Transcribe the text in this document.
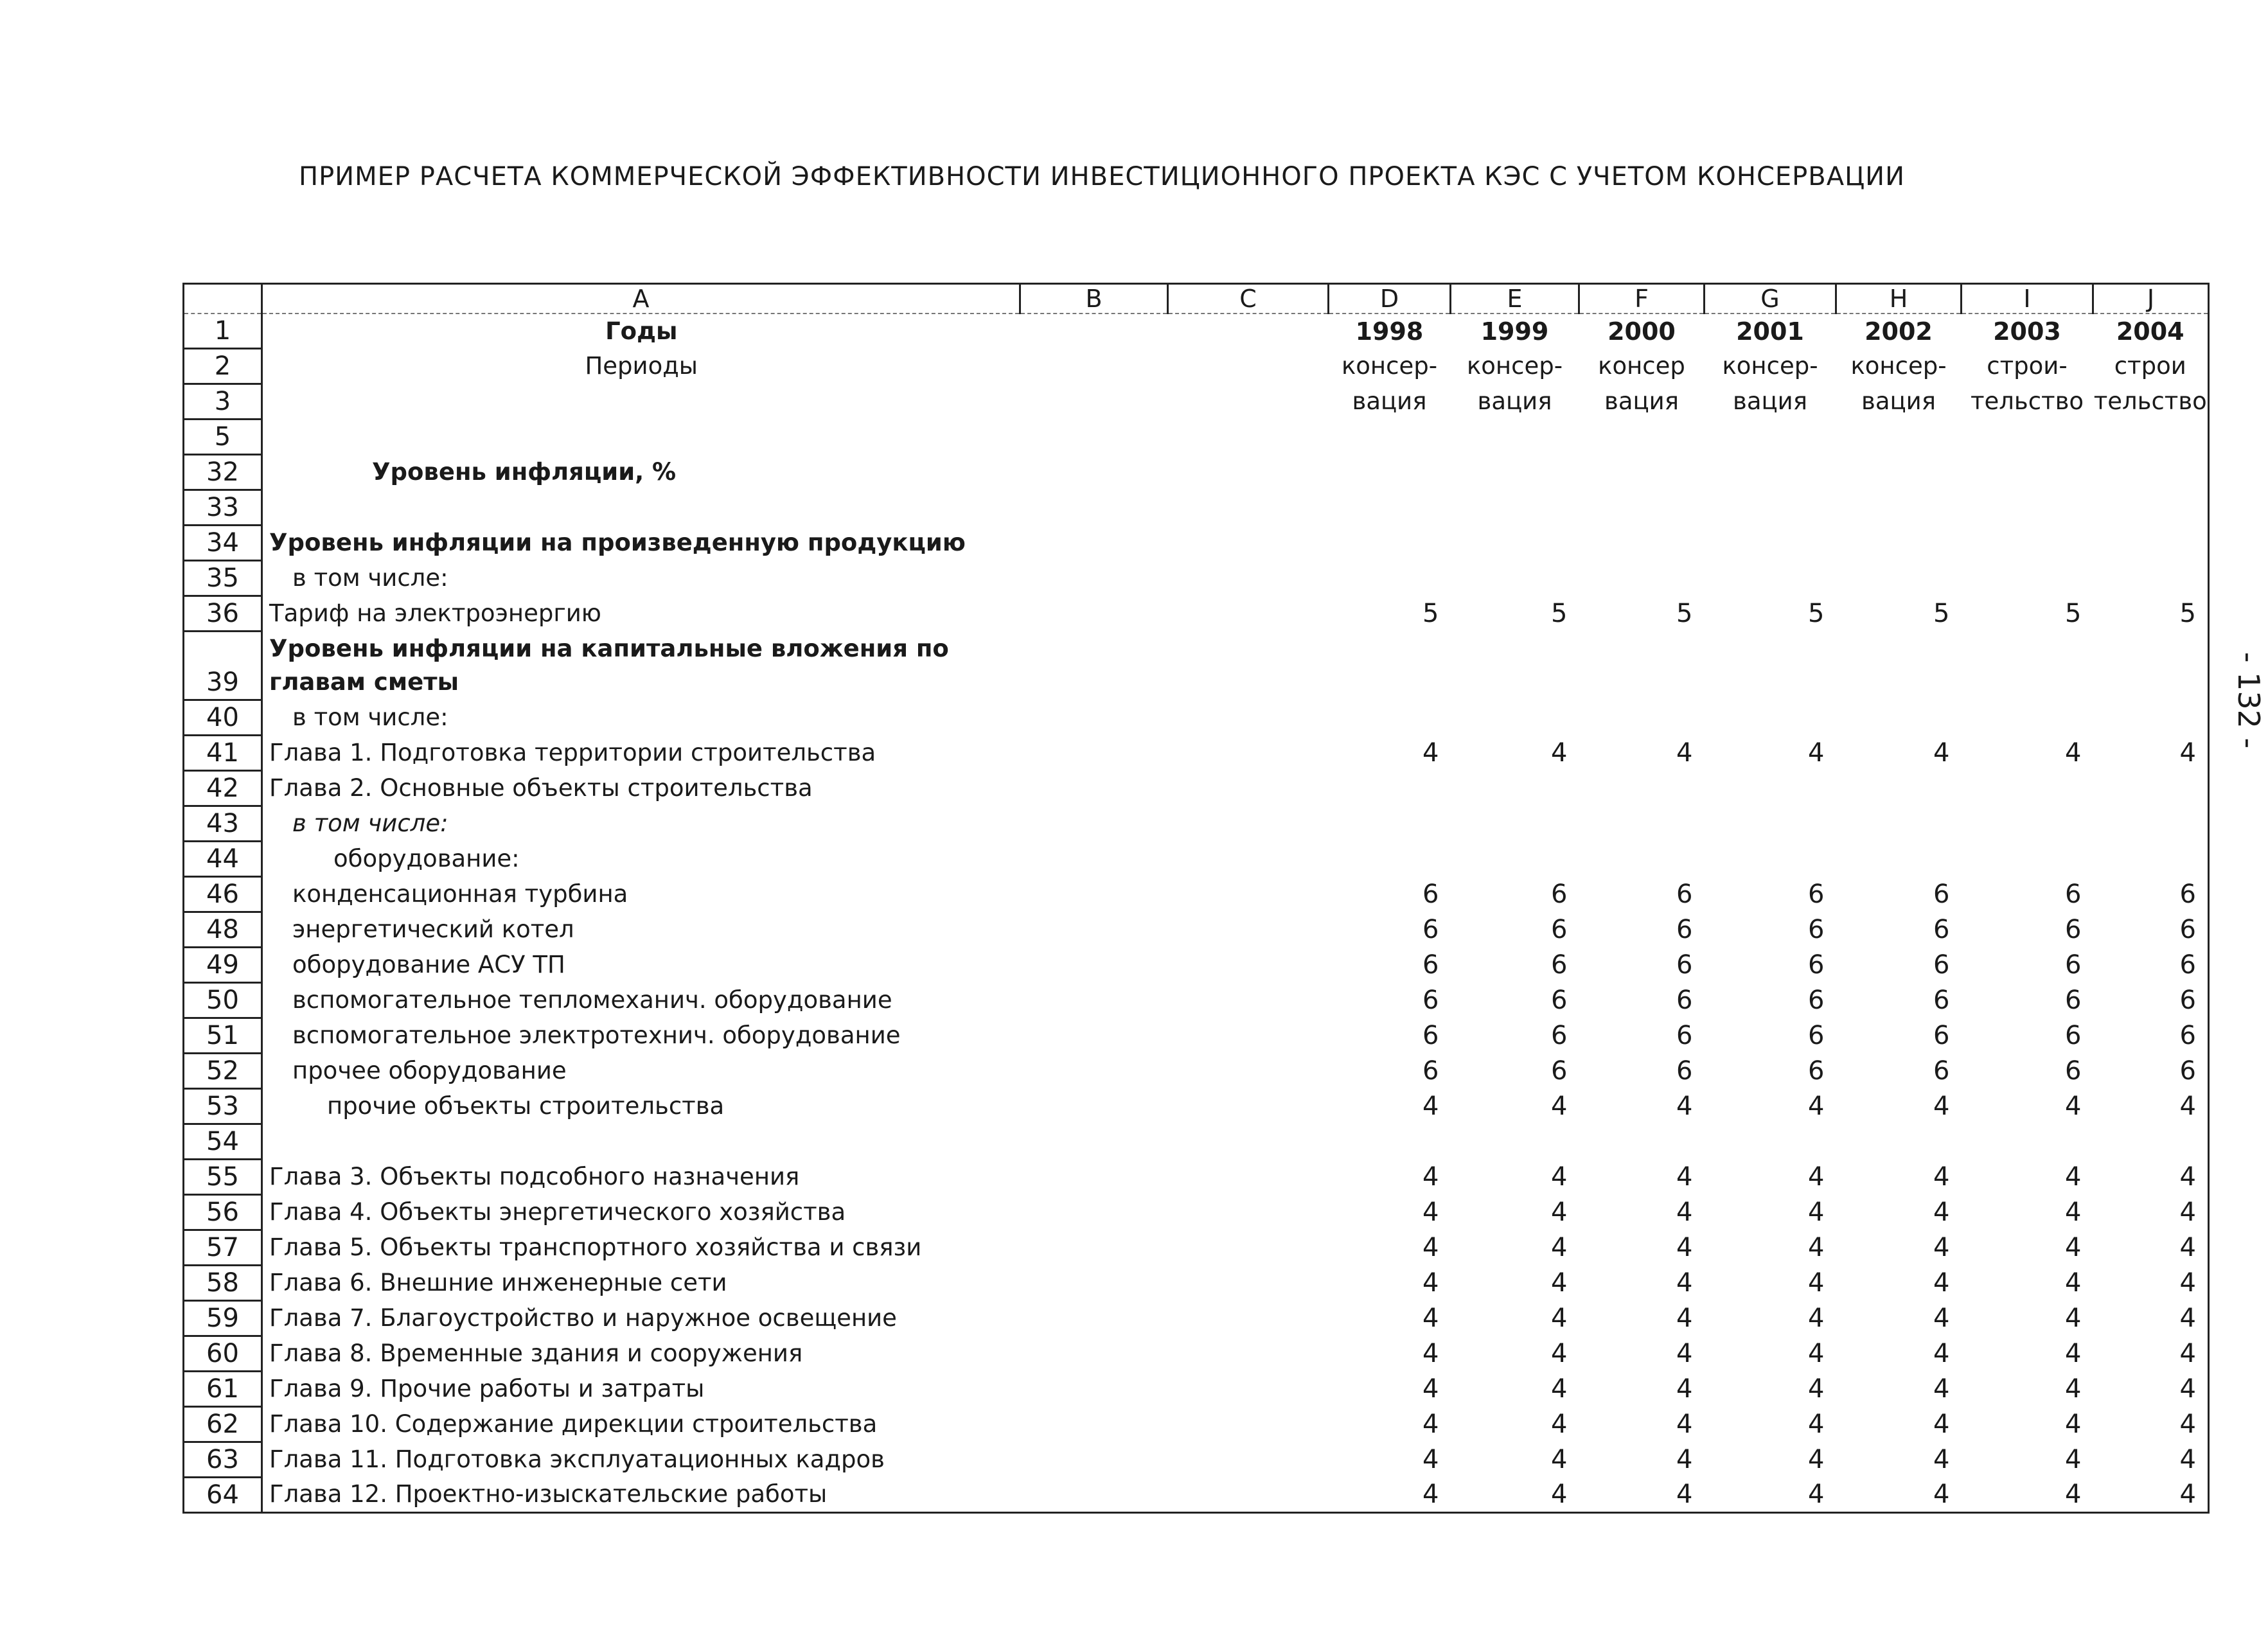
ПРИМЕР РАСЧЕТА КОММЕРЧЕСКОЙ ЭФФЕКТИВНОСТИ ИНВЕСТИЦИОННОГО ПРОЕКТА КЭС С УЧЕТОМ КОНСЕРВАЦИИ
- 132 -
	A	B	C	D	E	F	G	H	I	J
1	Годы			1998	1999	2000	2001	2002	2003	2004
2	Периоды			консер-	консер-	консер	консер-	консер-	строи-	строи
3				вация	вация	вация	вация	вация	тельство	тельство
5										
32	Уровень инфляции, %									
33										
34	Уровень инфляции на произведенную продукцию									
35	в том числе:									
36	Тариф на электроэнергию			5	5	5	5	5	5	5
39	Уровень инфляции на капитальные вложения по
главам сметы									

40	в том числе:									
41	Глава 1. Подготовка территории строительства			4	4	4	4	4	4	4
42	Глава 2. Основные объекты строительства									
43	в том числе:									
44	оборудование:									
46	конденсационная турбина			6	6	6	6	6	6	6
48	энергетический котел			6	6	6	6	6	6	6
49	оборудование АСУ ТП			6	6	6	6	6	6	6
50	вспомогательное тепломеханич. оборудование			6	6	6	6	6	6	6
51	вспомогательное электротехнич. оборудование			6	6	6	6	6	6	6
52	прочее оборудование			6	6	6	6	6	6	6
53	прочие объекты строительства			4	4	4	4	4	4	4
54										
55	Глава 3. Объекты подсобного назначения			4	4	4	4	4	4	4
56	Глава 4. Объекты энергетического хозяйства			4	4	4	4	4	4	4
57	Глава 5. Объекты транспортного хозяйства и связи			4	4	4	4	4	4	4
58	Глава 6. Внешние инженерные сети			4	4	4	4	4	4	4
59	Глава 7. Благоустройство и наружное освещение			4	4	4	4	4	4	4
60	Глава 8. Временные здания и сооружения			4	4	4	4	4	4	4
61	Глава 9. Прочие работы и затраты			4	4	4	4	4	4	4
62	Глава 10. Содержание дирекции строительства			4	4	4	4	4	4	4
63	Глава 11. Подготовка эксплуатационных кадров			4	4	4	4	4	4	4
64	Глава 12. Проектно-изыскательские работы			4	4	4	4	4	4	4
